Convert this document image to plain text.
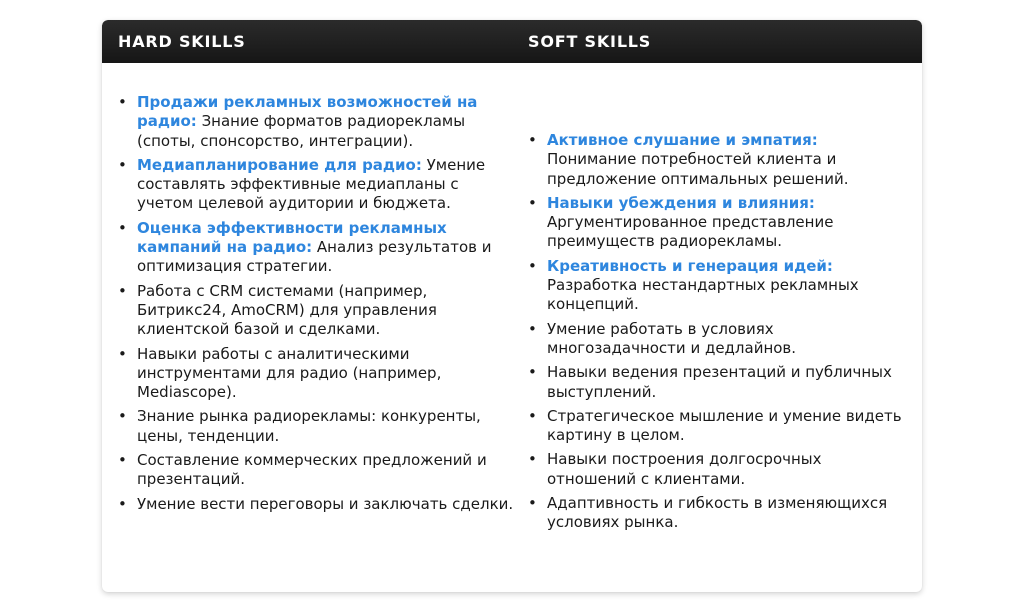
HARD SKILLS	SOFT SKILLS
• Продажи рекламных возможностей на радио: Знание форматов радиорекламы (споты, спонсорство, интеграции).
• Медиапланирование для радио: Умение составлять эффективные медиапланы с учетом целевой аудитории и бюджета.
• Оценка эффективности рекламных кампаний на радио: Анализ результатов и оптимизация стратегии.
• Работа с CRM системами (например, Битрикс24, AmoCRM) для управления клиентской базой и сделками.
• Навыки работы с аналитическими инструментами для радио (например, Mediascope).
• Знание рынка радиорекламы: конкуренты, цены, тенденции.
• Составление коммерческих предложений и презентаций.
• Умение вести переговоры и заключать сделки.
• Активное слушание и эмпатия: Понимание потребностей клиента и предложение оптимальных решений.
• Навыки убеждения и влияния: Аргументированное представление преимуществ радиорекламы.
• Креативность и генерация идей: Разработка нестандартных рекламных концепций.
• Умение работать в условиях многозадачности и дедлайнов.
• Навыки ведения презентаций и публичных выступлений.
• Стратегическое мышление и умение видеть картину в целом.
• Навыки построения долгосрочных отношений с клиентами.
• Адаптивность и гибкость в изменяющихся условиях рынка.
